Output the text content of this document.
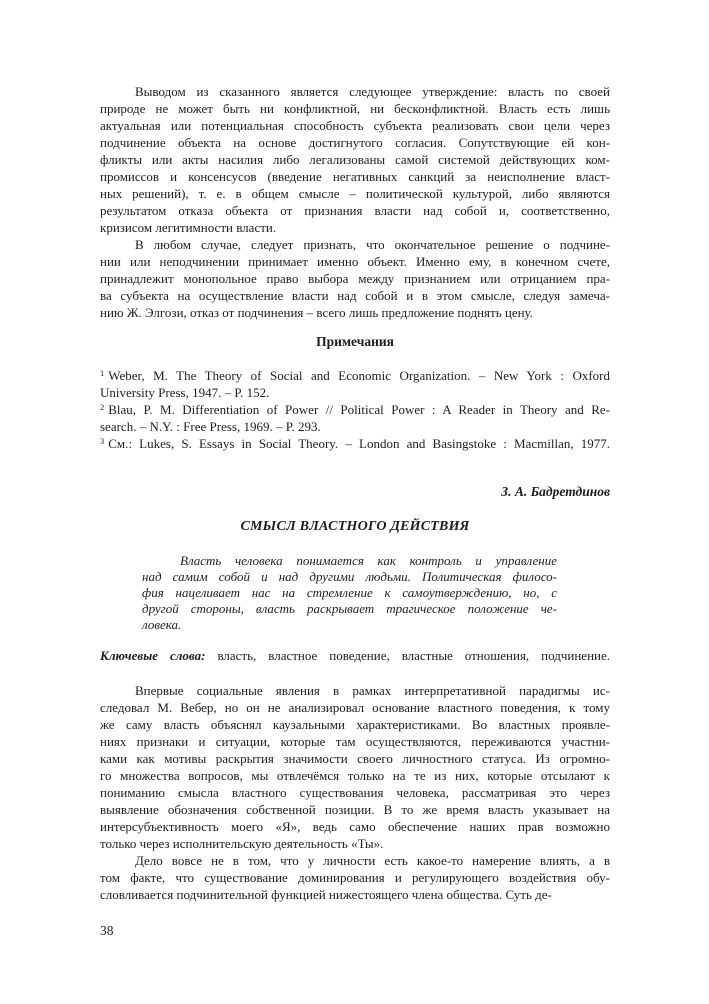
Выводом из сказанного является следующее утверждение: власть по своей
природе не может быть ни конфликтной, ни бесконфликтной. Власть есть лишь
актуальная или потенциальная способность субъекта реализовать свои цели через
подчинение объекта на основе достигнутого согласия. Сопутствующие ей кон-
фликты или акты насилия либо легализованы самой системой действующих ком-
промиссов и консенсусов (введение негативных санкций за неисполнение власт-
ных решений), т. е. в общем смысле – политической культурой, либо являются
результатом отказа объекта от признания власти над собой и, соответственно,
кризисом легитимности власти.
В любом случае, следует признать, что окончательное решение о подчине-
нии или неподчинении принимает именно объект. Именно ему, в конечном счете,
принадлежит монопольное право выбора между признанием или отрицанием пра-
ва субъекта на осуществление власти над собой и в этом смысле, следуя замеча-
нию Ж. Элгози, отказ от подчинения – всего лишь предложение поднять цену.
Примечания
$^1$ Weber, M. The Theory of Social and Economic Organization. – New York : Oxford
University Press, 1947. – P. 152.
$^2$ Blau, P. M. Differentiation of Power // Political Power : A Reader in Theory and Re-
search. – N.Y. : Free Press, 1969. – P. 293.
$^3$ См.: Lukes, S. Essays in Social Theory. – London and Basingstoke : Macmillan, 1977.
З. А. Бадретдинов
СМЫСЛ ВЛАСТНОГО ДЕЙСТВИЯ
Власть человека понимается как контроль и управление
над самим собой и над другими людьми. Политическая филосо-
фия нацеливает нас на стремление к самоутверждению, но, с
другой стороны, власть раскрывает трагическое положение че-
ловека.
Ключевые слова: власть, властное поведение, властные отношения, подчинение.
Впервые социальные явления в рамках интерпретативной парадигмы ис-
следовал М. Вебер, но он не анализировал основание властного поведения, к тому
же саму власть объяснял каузальными характеристиками. Во властных проявле-
ниях признаки и ситуации, которые там осуществляются, переживаются участни-
ками как мотивы раскрытия значимости своего личностного статуса. Из огромно-
го множества вопросов, мы отвлечёмся только на те из них, которые отсылают к
пониманию смысла властного существования человека, рассматривая это через
выявление обозначения собственной позиции. В то же время власть указывает на
интерсубъективность моего «Я», ведь само обеспечение наших прав возможно
только через исполнительскую деятельность «Ты».
Дело вовсе не в том, что у личности есть какое-то намерение влиять, а в
том факте, что существование доминирования и регулирующего воздействия обу-
словливается подчинительной функцией нижестоящего члена общества. Суть де-
38
